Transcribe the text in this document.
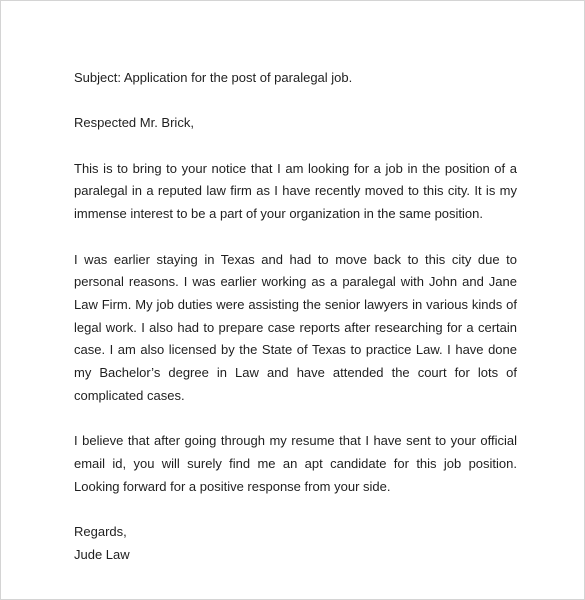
Subject: Application for the post of paralegal job.

Respected Mr. Brick,

This is to bring to your notice that I am looking for a job in the position of a paralegal in a reputed law firm as I have recently moved to this city. It is my immense interest to be a part of your organization in the same position.

I was earlier staying in Texas and had to move back to this city due to personal reasons. I was earlier working as a paralegal with John and Jane Law Firm. My job duties were assisting the senior lawyers in various kinds of legal work. I also had to prepare case reports after researching for a certain case. I am also licensed by the State of Texas to practice Law. I have done my Bachelor’s degree in Law and have attended the court for lots of complicated cases.

I believe that after going through my resume that I have sent to your official email id, you will surely find me an apt candidate for this job position. Looking forward for a positive response from your side.

Regards,

Jude Law
